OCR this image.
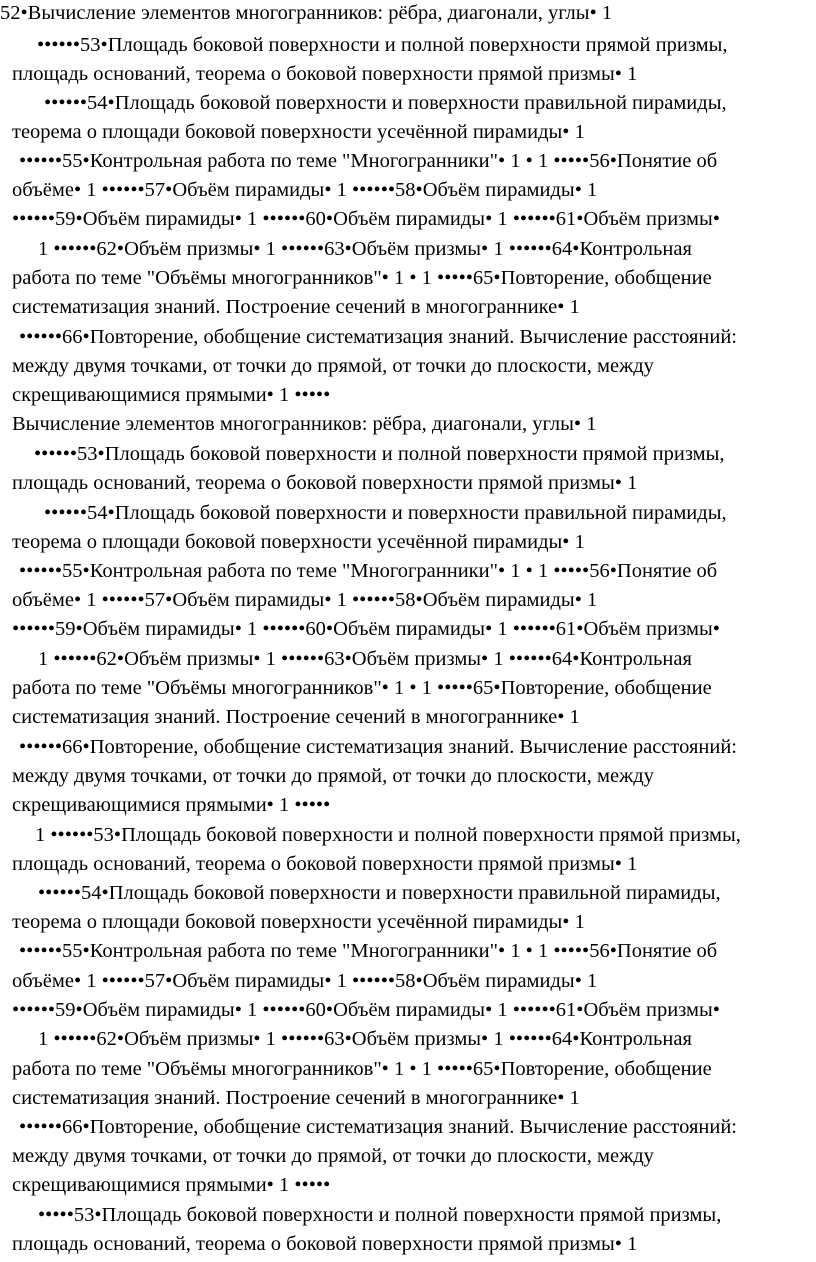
52•Вычисление элементов многогранников: рёбра, диагонали, углы• 1
••••••53•Площадь боковой поверхности и полной поверхности прямой призмы,
площадь оснований, теорема о боковой поверхности прямой призмы• 1
••••••54•Площадь боковой поверхности и поверхности правильной пирамиды,
теорема о площади боковой поверхности усечённой пирамиды• 1
••••••55•Контрольная работа по теме "Многогранники"• 1 • 1 •••••56•Понятие об
объёме• 1 ••••••57•Объём пирамиды• 1 ••••••58•Объём пирамиды• 1
••••••59•Объём пирамиды• 1 ••••••60•Объём пирамиды• 1 ••••••61•Объём призмы•
1 ••••••62•Объём призмы• 1 ••••••63•Объём призмы• 1 ••••••64•Контрольная
работа по теме "Объёмы многогранников"• 1 • 1 •••••65•Повторение, обобщение
систематизация знаний. Построение сечений в многограннике• 1
••••••66•Повторение, обобщение систематизация знаний. Вычисление расстояний:
между двумя точками, от точки до прямой, от точки до плоскости, между
скрещивающимися прямыми• 1 •••••
Вычисление элементов многогранников: рёбра, диагонали, углы• 1
••••••53•Площадь боковой поверхности и полной поверхности прямой призмы,
площадь оснований, теорема о боковой поверхности прямой призмы• 1
••••••54•Площадь боковой поверхности и поверхности правильной пирамиды,
теорема о площади боковой поверхности усечённой пирамиды• 1
••••••55•Контрольная работа по теме "Многогранники"• 1 • 1 •••••56•Понятие об
объёме• 1 ••••••57•Объём пирамиды• 1 ••••••58•Объём пирамиды• 1
••••••59•Объём пирамиды• 1 ••••••60•Объём пирамиды• 1 ••••••61•Объём призмы•
1 ••••••62•Объём призмы• 1 ••••••63•Объём призмы• 1 ••••••64•Контрольная
работа по теме "Объёмы многогранников"• 1 • 1 •••••65•Повторение, обобщение
систематизация знаний. Построение сечений в многограннике• 1
••••••66•Повторение, обобщение систематизация знаний. Вычисление расстояний:
между двумя точками, от точки до прямой, от точки до плоскости, между
скрещивающимися прямыми• 1 •••••
1 ••••••53•Площадь боковой поверхности и полной поверхности прямой призмы,
площадь оснований, теорема о боковой поверхности прямой призмы• 1
••••••54•Площадь боковой поверхности и поверхности правильной пирамиды,
теорема о площади боковой поверхности усечённой пирамиды• 1
••••••55•Контрольная работа по теме "Многогранники"• 1 • 1 •••••56•Понятие об
объёме• 1 ••••••57•Объём пирамиды• 1 ••••••58•Объём пирамиды• 1
••••••59•Объём пирамиды• 1 ••••••60•Объём пирамиды• 1 ••••••61•Объём призмы•
1 ••••••62•Объём призмы• 1 ••••••63•Объём призмы• 1 ••••••64•Контрольная
работа по теме "Объёмы многогранников"• 1 • 1 •••••65•Повторение, обобщение
систематизация знаний. Построение сечений в многограннике• 1
••••••66•Повторение, обобщение систематизация знаний. Вычисление расстояний:
между двумя точками, от точки до прямой, от точки до плоскости, между
скрещивающимися прямыми• 1 •••••
•••••53•Площадь боковой поверхности и полной поверхности прямой призмы,
площадь оснований, теорема о боковой поверхности прямой призмы• 1
